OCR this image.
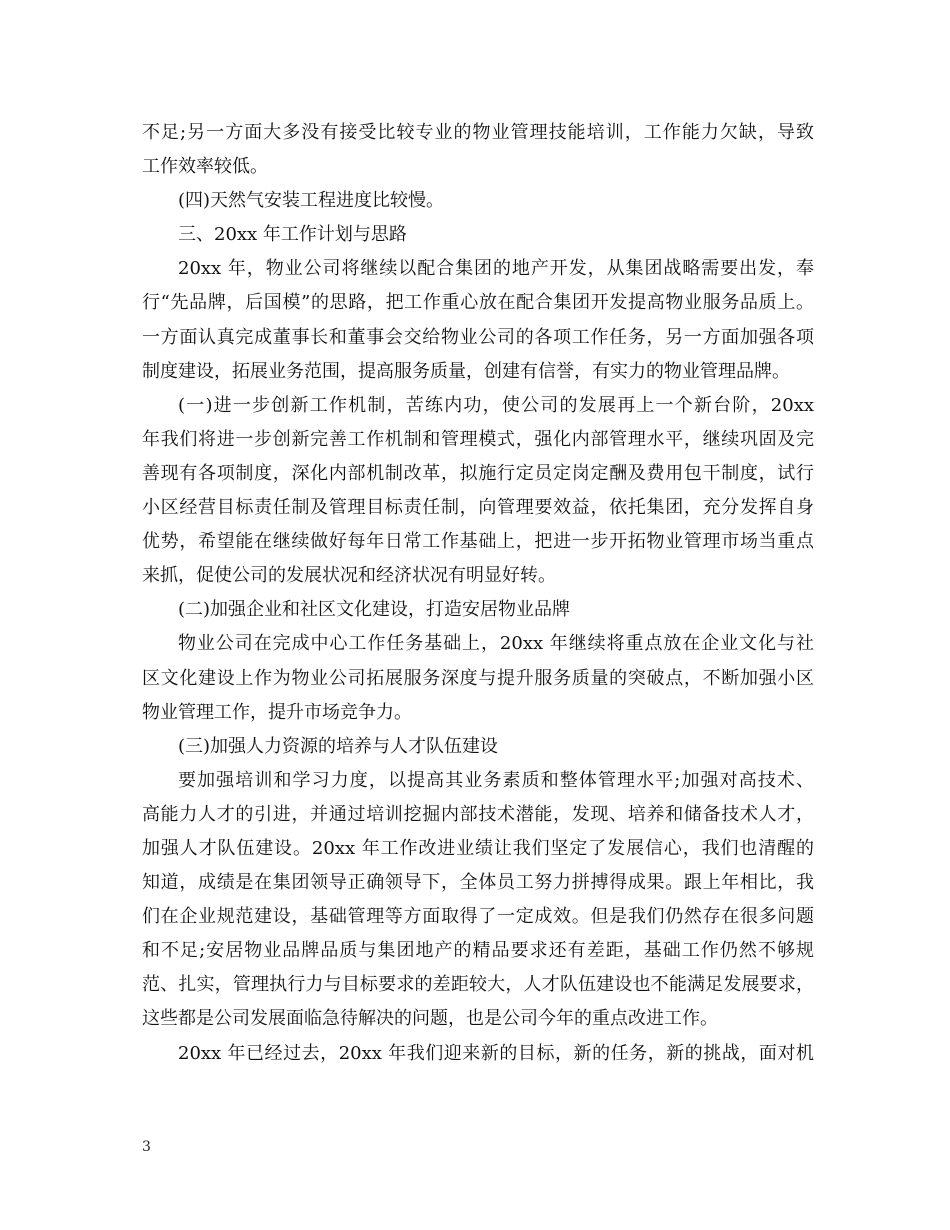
不足;另一方面大多没有接受比较专业的物业管理技能培训，工作能力欠缺，导致
工作效率较低。
(四)天然气安装工程进度比较慢。
三、20xx 年工作计划与思路
20xx 年，物业公司将继续以配合集团的地产开发，从集团战略需要出发，奉
行“先品牌，后国模”的思路，把工作重心放在配合集团开发提高物业服务品质上。
一方面认真完成董事长和董事会交给物业公司的各项工作任务，另一方面加强各项
制度建设，拓展业务范围，提高服务质量，创建有信誉，有实力的物业管理品牌。
(一)进一步创新工作机制，苦练内功，使公司的发展再上一个新台阶，20xx
年我们将进一步创新完善工作机制和管理模式，强化内部管理水平，继续巩固及完
善现有各项制度，深化内部机制改革，拟施行定员定岗定酬及费用包干制度，试行
小区经营目标责任制及管理目标责任制，向管理要效益，依托集团，充分发挥自身
优势，希望能在继续做好每年日常工作基础上，把进一步开拓物业管理市场当重点
来抓，促使公司的发展状况和经济状况有明显好转。
(二)加强企业和社区文化建设，打造安居物业品牌
物业公司在完成中心工作任务基础上，20xx 年继续将重点放在企业文化与社
区文化建设上作为物业公司拓展服务深度与提升服务质量的突破点，不断加强小区
物业管理工作，提升市场竞争力。
(三)加强人力资源的培养与人才队伍建设
要加强培训和学习力度，以提高其业务素质和整体管理水平;加强对高技术、
高能力人才的引进，并通过培训挖掘内部技术潜能，发现、培养和储备技术人才，
加强人才队伍建设。20xx 年工作改进业绩让我们坚定了发展信心，我们也清醒的
知道，成绩是在集团领导正确领导下，全体员工努力拼搏得成果。跟上年相比，我
们在企业规范建设，基础管理等方面取得了一定成效。但是我们仍然存在很多问题
和不足;安居物业品牌品质与集团地产的精品要求还有差距，基础工作仍然不够规
范、扎实，管理执行力与目标要求的差距较大，人才队伍建设也不能满足发展要求，
这些都是公司发展面临急待解决的问题，也是公司今年的重点改进工作。
20xx 年已经过去，20xx 年我们迎来新的目标，新的任务，新的挑战，面对机
3
